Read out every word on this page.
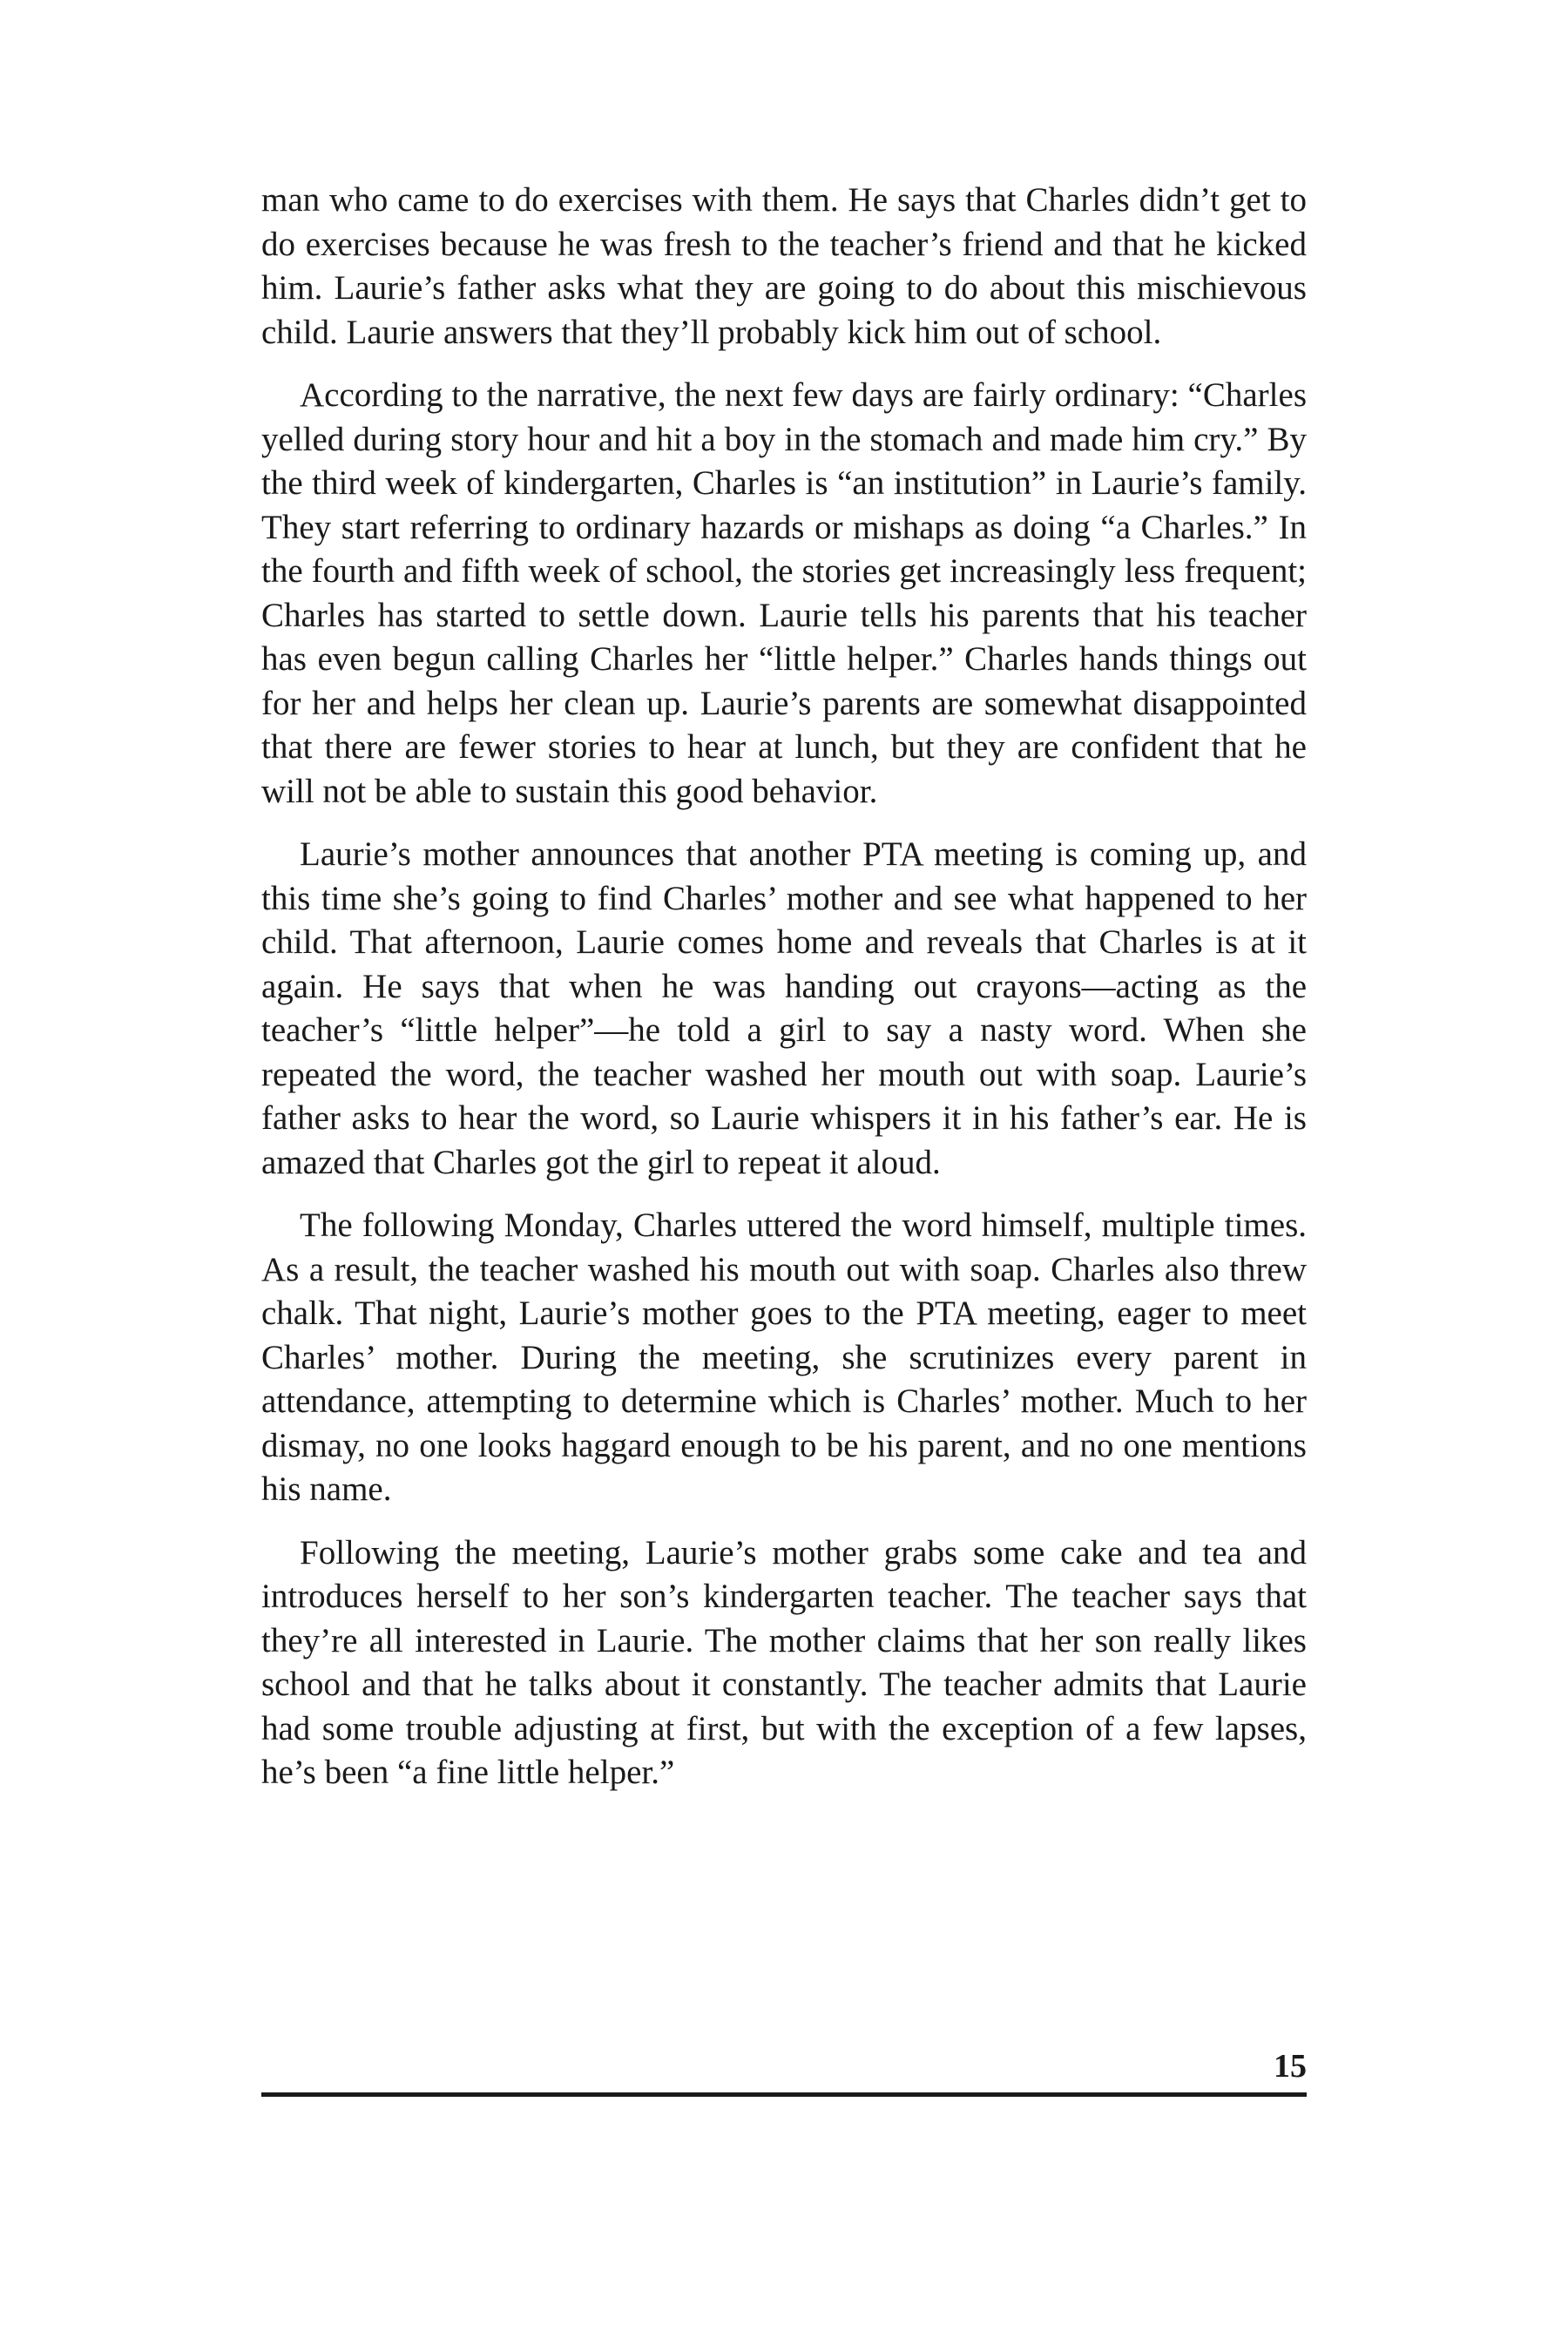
man who came to do exercises with them. He says that Charles didn’t get to do exercises because he was fresh to the teacher’s friend and that he kicked him. Laurie’s father asks what they are going to do about this mischievous child. Laurie answers that they’ll probably kick him out of school.

According to the narrative, the next few days are fairly ordinary: “Charles yelled during story hour and hit a boy in the stomach and made him cry.” By the third week of kindergarten, Charles is “an institution” in Laurie’s family. They start referring to ordinary hazards or mishaps as doing “a Charles.” In the fourth and fifth week of school, the stories get increasingly less frequent; Charles has started to settle down. Laurie tells his parents that his teacher has even begun calling Charles her “little helper.” Charles hands things out for her and helps her clean up. Laurie’s parents are somewhat disappointed that there are fewer stories to hear at lunch, but they are confident that he will not be able to sustain this good behavior.

Laurie’s mother announces that another PTA meeting is coming up, and this time she’s going to find Charles’ mother and see what happened to her child. That afternoon, Laurie comes home and reveals that Charles is at it again. He says that when he was handing out crayons—acting as the teacher’s “little helper”—he told a girl to say a nasty word. When she repeated the word, the teacher washed her mouth out with soap. Laurie’s father asks to hear the word, so Laurie whispers it in his father’s ear. He is amazed that Charles got the girl to repeat it aloud.

The following Monday, Charles uttered the word himself, multiple times. As a result, the teacher washed his mouth out with soap. Charles also threw chalk. That night, Laurie’s mother goes to the PTA meeting, eager to meet Charles’ mother. During the meeting, she scrutinizes every parent in attendance, attempting to determine which is Charles’ mother. Much to her dismay, no one looks haggard enough to be his parent, and no one mentions his name.

Following the meeting, Laurie’s mother grabs some cake and tea and introduces herself to her son’s kindergarten teacher. The teacher says that they’re all interested in Laurie. The mother claims that her son really likes school and that he talks about it constantly. The teacher admits that Laurie had some trouble adjusting at first, but with the exception of a few lapses, he’s been “a fine little helper.”

15
